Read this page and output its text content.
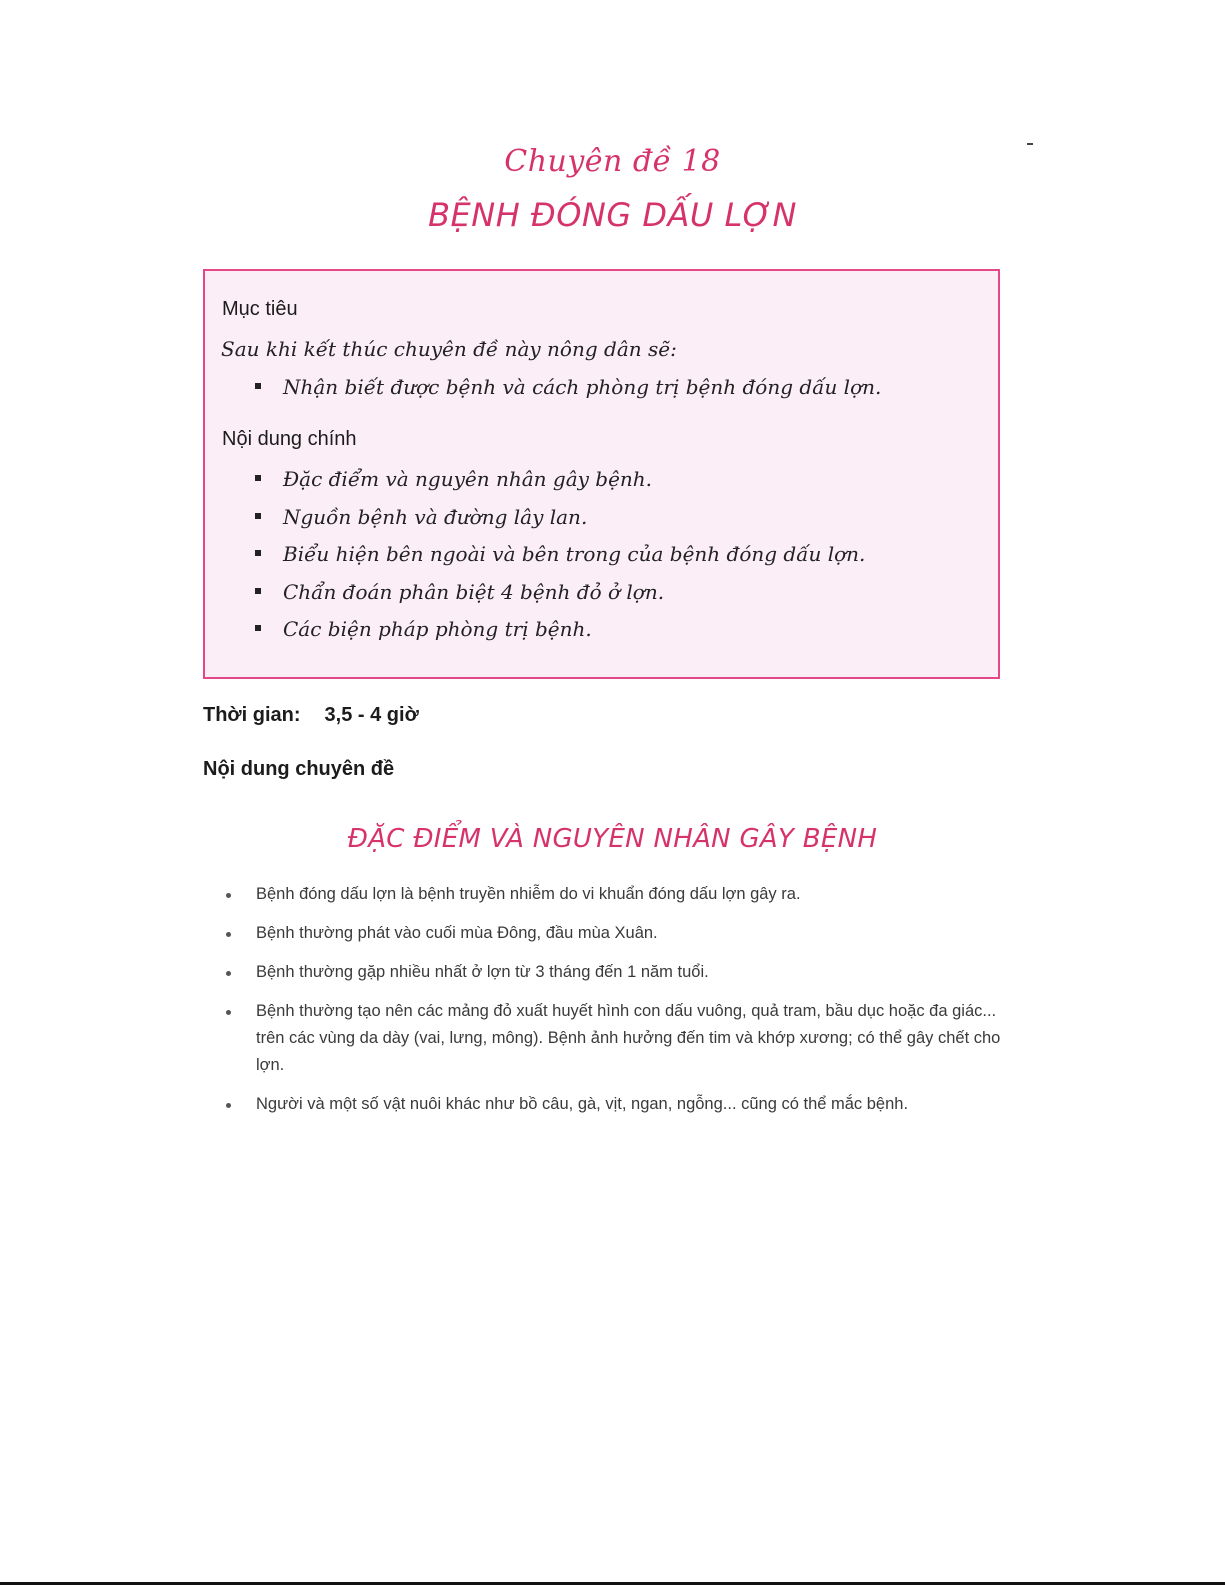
Chuyên đề 18
BỆNH ĐÓNG DẤU LỢN
Mục tiêu
Sau khi kết thúc chuyên đề này nông dân sẽ:
Nhận biết được bệnh và cách phòng trị bệnh đóng dấu lợn.
Nội dung chính
Đặc điểm và nguyên nhân gây bệnh.
Nguồn bệnh và đường lây lan.
Biểu hiện bên ngoài và bên trong của bệnh đóng dấu lợn.
Chẩn đoán phân biệt 4 bệnh đỏ ở lợn.
Các biện pháp phòng trị bệnh.
Thời gian: 3,5 - 4 giờ
Nội dung chuyên đề
ĐẶC ĐIỂM VÀ NGUYÊN NHÂN GÂY BỆNH
Bệnh đóng dấu lợn là bệnh truyền nhiễm do vi khuẩn đóng dấu lợn gây ra.
Bệnh thường phát vào cuối mùa Đông, đầu mùa Xuân.
Bệnh thường gặp nhiều nhất ở lợn từ 3 tháng đến 1 năm tuổi.
Bệnh thường tạo nên các mảng đỏ xuất huyết hình con dấu vuông, quả tram, bầu dục hoặc đa giác... trên các vùng da dày (vai, lưng, mông). Bệnh ảnh hưởng đến tim và khớp xương; có thể gây chết cho lợn.
Người và một số vật nuôi khác như bồ câu, gà, vịt, ngan, ngỗng... cũng có thể mắc bệnh.
